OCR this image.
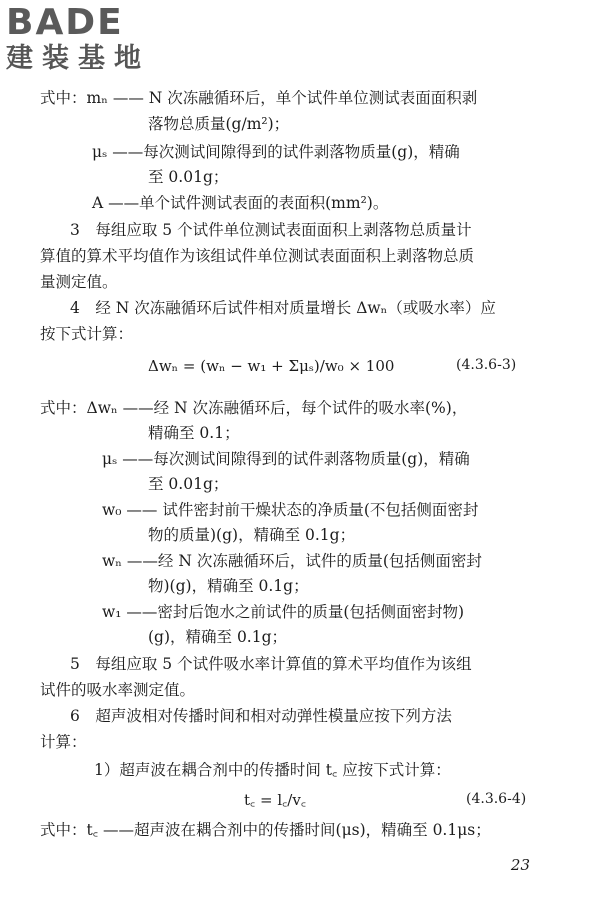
BADE
建装基地
式中：mₙ —— N 次冻融循环后，单个试件单位测试表面面积剥
落物总质量(g/m²)；
μₛ ——每次测试间隙得到的试件剥落物质量(g)，精确
至 0.01g；
A ——单个试件测试表面的表面积(mm²)。
3　每组应取 5 个试件单位测试表面面积上剥落物总质量计
算值的算术平均值作为该组试件单位测试表面面积上剥落物总质
量测定值。
4　经 N 次冻融循环后试件相对质量增长 Δwₙ（或吸水率）应
按下式计算：
Δwₙ = (wₙ − w₁ + Σμₛ)/w₀ × 100	(4.3.6-3)
式中：Δwₙ ——经 N 次冻融循环后，每个试件的吸水率(%)，
精确至 0.1；
μₛ ——每次测试间隙得到的试件剥落物质量(g)，精确
至 0.01g；
w₀ —— 试件密封前干燥状态的净质量(不包括侧面密封
物的质量)(g)，精确至 0.1g；
wₙ ——经 N 次冻融循环后，试件的质量(包括侧面密封
物)(g)，精确至 0.1g；
w₁ ——密封后饱水之前试件的质量(包括侧面密封物)
(g)，精确至 0.1g；
5　每组应取 5 个试件吸水率计算值的算术平均值作为该组
试件的吸水率测定值。
6　超声波相对传播时间和相对动弹性模量应按下列方法
计算：
1）超声波在耦合剂中的传播时间 t꜀ 应按下式计算：
t꜀ = l꜀/v꜀	(4.3.6-4)
式中：t꜀ ——超声波在耦合剂中的传播时间(μs)，精确至 0.1μs；
23
